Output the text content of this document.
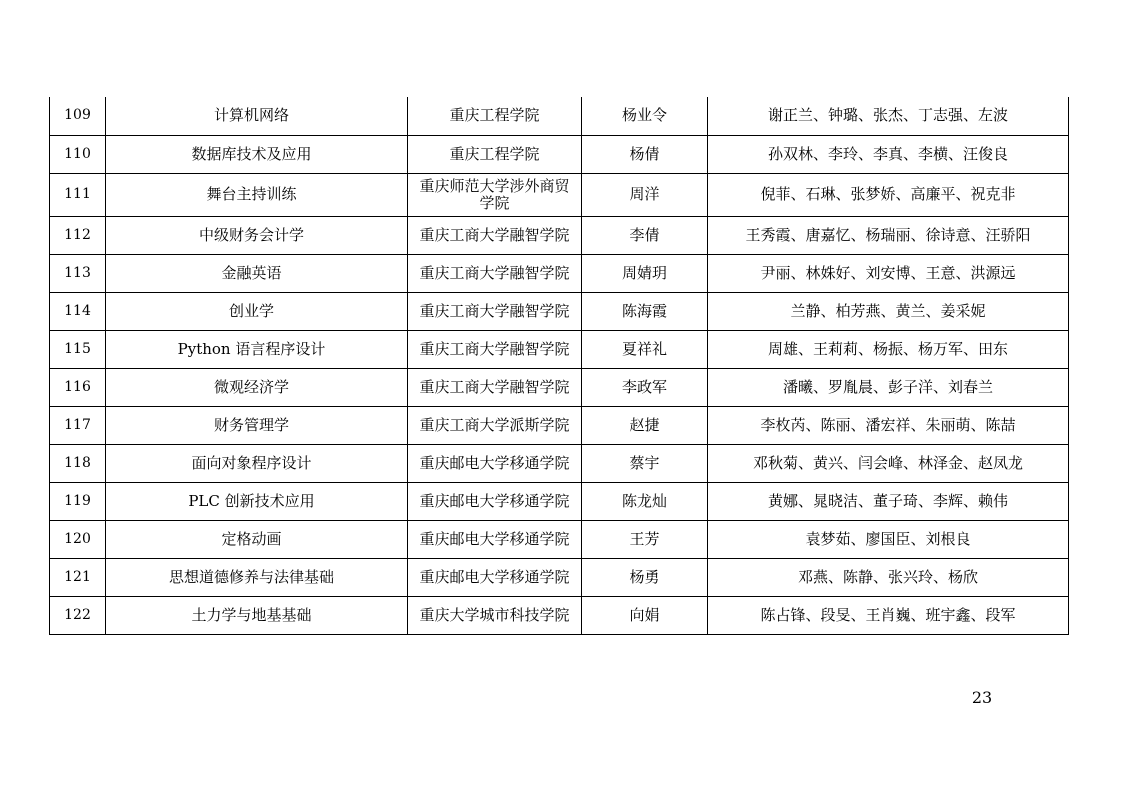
109	计算机网络	重庆工程学院	杨业令	谢正兰、钟璐、张杰、丁志强、左波
110	数据库技术及应用	重庆工程学院	杨倩	孙双林、李玲、李真、李横、汪俊良
111	舞台主持训练	重庆师范大学涉外商贸学院	周洋	倪菲、石琳、张梦娇、高廉平、祝克非
112	中级财务会计学	重庆工商大学融智学院	李倩	王秀霞、唐嘉忆、杨瑞丽、徐诗意、汪骄阳
113	金融英语	重庆工商大学融智学院	周婧玥	尹丽、林姝好、刘安博、王意、洪源远
114	创业学	重庆工商大学融智学院	陈海霞	兰静、柏芳燕、黄兰、姜采妮
115	Python 语言程序设计	重庆工商大学融智学院	夏祥礼	周雄、王莉莉、杨振、杨万军、田东
116	微观经济学	重庆工商大学融智学院	李政军	潘曦、罗胤晨、彭子洋、刘春兰
117	财务管理学	重庆工商大学派斯学院	赵捷	李枚芮、陈丽、潘宏祥、朱丽萌、陈喆
118	面向对象程序设计	重庆邮电大学移通学院	蔡宇	邓秋菊、黄兴、闫会峰、林泽金、赵凤龙
119	PLC 创新技术应用	重庆邮电大学移通学院	陈龙灿	黄娜、晁晓洁、董子琦、李辉、赖伟
120	定格动画	重庆邮电大学移通学院	王芳	袁梦茹、廖国臣、刘根良
121	思想道德修养与法律基础	重庆邮电大学移通学院	杨勇	邓燕、陈静、张兴玲、杨欣
122	土力学与地基基础	重庆大学城市科技学院	向娟	陈占锋、段旻、王肖巍、班宇鑫、段军
23
